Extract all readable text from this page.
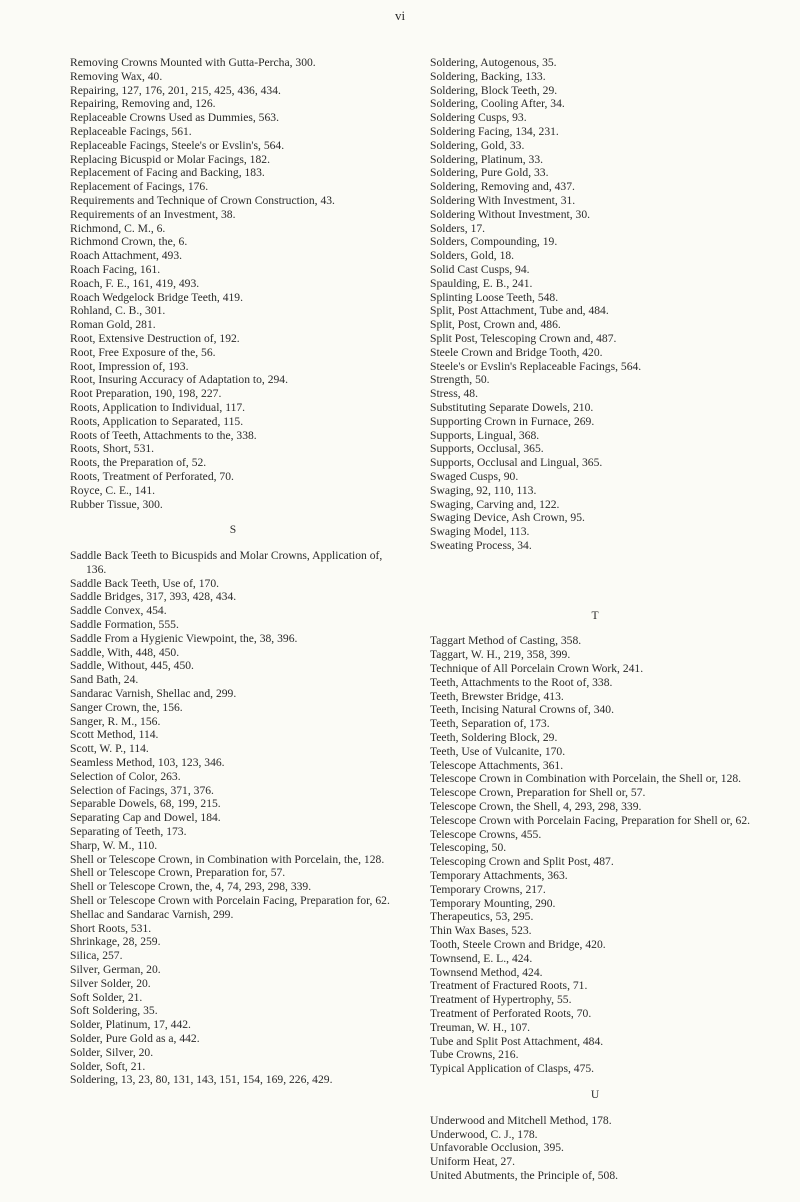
vi
Removing Crowns Mounted with Gutta-Percha, 300.
Removing Wax, 40.
Repairing, 127, 176, 201, 215, 425, 436, 434.
Repairing, Removing and, 126.
Replaceable Crowns Used as Dummies, 563.
Replaceable Facings, 561.
Replaceable Facings, Steele's or Evslin's, 564.
Replacing Bicuspid or Molar Facings, 182.
Replacement of Facing and Backing, 183.
Replacement of Facings, 176.
Requirements and Technique of Crown Construction, 43.
Requirements of an Investment, 38.
Richmond, C. M., 6.
Richmond Crown, the, 6.
Roach Attachment, 493.
Roach Facing, 161.
Roach, F. E., 161, 419, 493.
Roach Wedgelock Bridge Teeth, 419.
Rohland, C. B., 301.
Roman Gold, 281.
Root, Extensive Destruction of, 192.
Root, Free Exposure of the, 56.
Root, Impression of, 193.
Root, Insuring Accuracy of Adaptation to, 294.
Root Preparation, 190, 198, 227.
Roots, Application to Individual, 117.
Roots, Application to Separated, 115.
Roots of Teeth, Attachments to the, 338.
Roots, Short, 531.
Roots, the Preparation of, 52.
Roots, Treatment of Perforated, 70.
Royce, C. E., 141.
Rubber Tissue, 300.
S
Saddle Back Teeth to Bicuspids and Molar Crowns, Application of, 136.
Saddle Back Teeth, Use of, 170.
Saddle Bridges, 317, 393, 428, 434.
Saddle Convex, 454.
Saddle Formation, 555.
Saddle From a Hygienic Viewpoint, the, 38, 396.
Saddle, With, 448, 450.
Saddle, Without, 445, 450.
Sand Bath, 24.
Sandarac Varnish, Shellac and, 299.
Sanger Crown, the, 156.
Sanger, R. M., 156.
Scott Method, 114.
Scott, W. P., 114.
Seamless Method, 103, 123, 346.
Selection of Color, 263.
Selection of Facings, 371, 376.
Separable Dowels, 68, 199, 215.
Separating Cap and Dowel, 184.
Separating of Teeth, 173.
Sharp, W. M., 110.
Shell or Telescope Crown, in Combination with Porcelain, the, 128.
Shell or Telescope Crown, Preparation for, 57.
Shell or Telescope Crown, the, 4, 74, 293, 298, 339.
Shell or Telescope Crown with Porcelain Facing, Preparation for, 62.
Shellac and Sandarac Varnish, 299.
Short Roots, 531.
Shrinkage, 28, 259.
Silica, 257.
Silver, German, 20.
Silver Solder, 20.
Soft Solder, 21.
Soft Soldering, 35.
Solder, Platinum, 17, 442.
Solder, Pure Gold as a, 442.
Solder, Silver, 20.
Solder, Soft, 21.
Soldering, 13, 23, 80, 131, 143, 151, 154, 169, 226, 429.
Soldering, Autogenous, 35.
Soldering, Backing, 133.
Soldering, Block Teeth, 29.
Soldering, Cooling After, 34.
Soldering Cusps, 93.
Soldering Facing, 134, 231.
Soldering, Gold, 33.
Soldering, Platinum, 33.
Soldering, Pure Gold, 33.
Soldering, Removing and, 437.
Soldering With Investment, 31.
Soldering Without Investment, 30.
Solders, 17.
Solders, Compounding, 19.
Solders, Gold, 18.
Solid Cast Cusps, 94.
Spaulding, E. B., 241.
Splinting Loose Teeth, 548.
Split, Post Attachment, Tube and, 484.
Split, Post, Crown and, 486.
Split Post, Telescoping Crown and, 487.
Steele Crown and Bridge Tooth, 420.
Steele's or Evslin's Replaceable Facings, 564.
Strength, 50.
Stress, 48.
Substituting Separate Dowels, 210.
Supporting Crown in Furnace, 269.
Supports, Lingual, 368.
Supports, Occlusal, 365.
Supports, Occlusal and Lingual, 365.
Swaged Cusps, 90.
Swaging, 92, 110, 113.
Swaging, Carving and, 122.
Swaging Device, Ash Crown, 95.
Swaging Model, 113.
Sweating Process, 34.
T
Taggart Method of Casting, 358.
Taggart, W. H., 219, 358, 399.
Technique of All Porcelain Crown Work, 241.
Teeth, Attachments to the Root of, 338.
Teeth, Brewster Bridge, 413.
Teeth, Incising Natural Crowns of, 340.
Teeth, Separation of, 173.
Teeth, Soldering Block, 29.
Teeth, Use of Vulcanite, 170.
Telescope Attachments, 361.
Telescope Crown in Combination with Porcelain, the Shell or, 128.
Telescope Crown, Preparation for Shell or, 57.
Telescope Crown, the Shell, 4, 293, 298, 339.
Telescope Crown with Porcelain Facing, Preparation for Shell or, 62.
Telescope Crowns, 455.
Telescoping, 50.
Telescoping Crown and Split Post, 487.
Temporary Attachments, 363.
Temporary Crowns, 217.
Temporary Mounting, 290.
Therapeutics, 53, 295.
Thin Wax Bases, 523.
Tooth, Steele Crown and Bridge, 420.
Townsend, E. L., 424.
Townsend Method, 424.
Treatment of Fractured Roots, 71.
Treatment of Hypertrophy, 55.
Treatment of Perforated Roots, 70.
Treuman, W. H., 107.
Tube and Split Post Attachment, 484.
Tube Crowns, 216.
Typical Application of Clasps, 475.
U
Underwood and Mitchell Method, 178.
Underwood, C. J., 178.
Unfavorable Occlusion, 395.
Uniform Heat, 27.
United Abutments, the Principle of, 508.
